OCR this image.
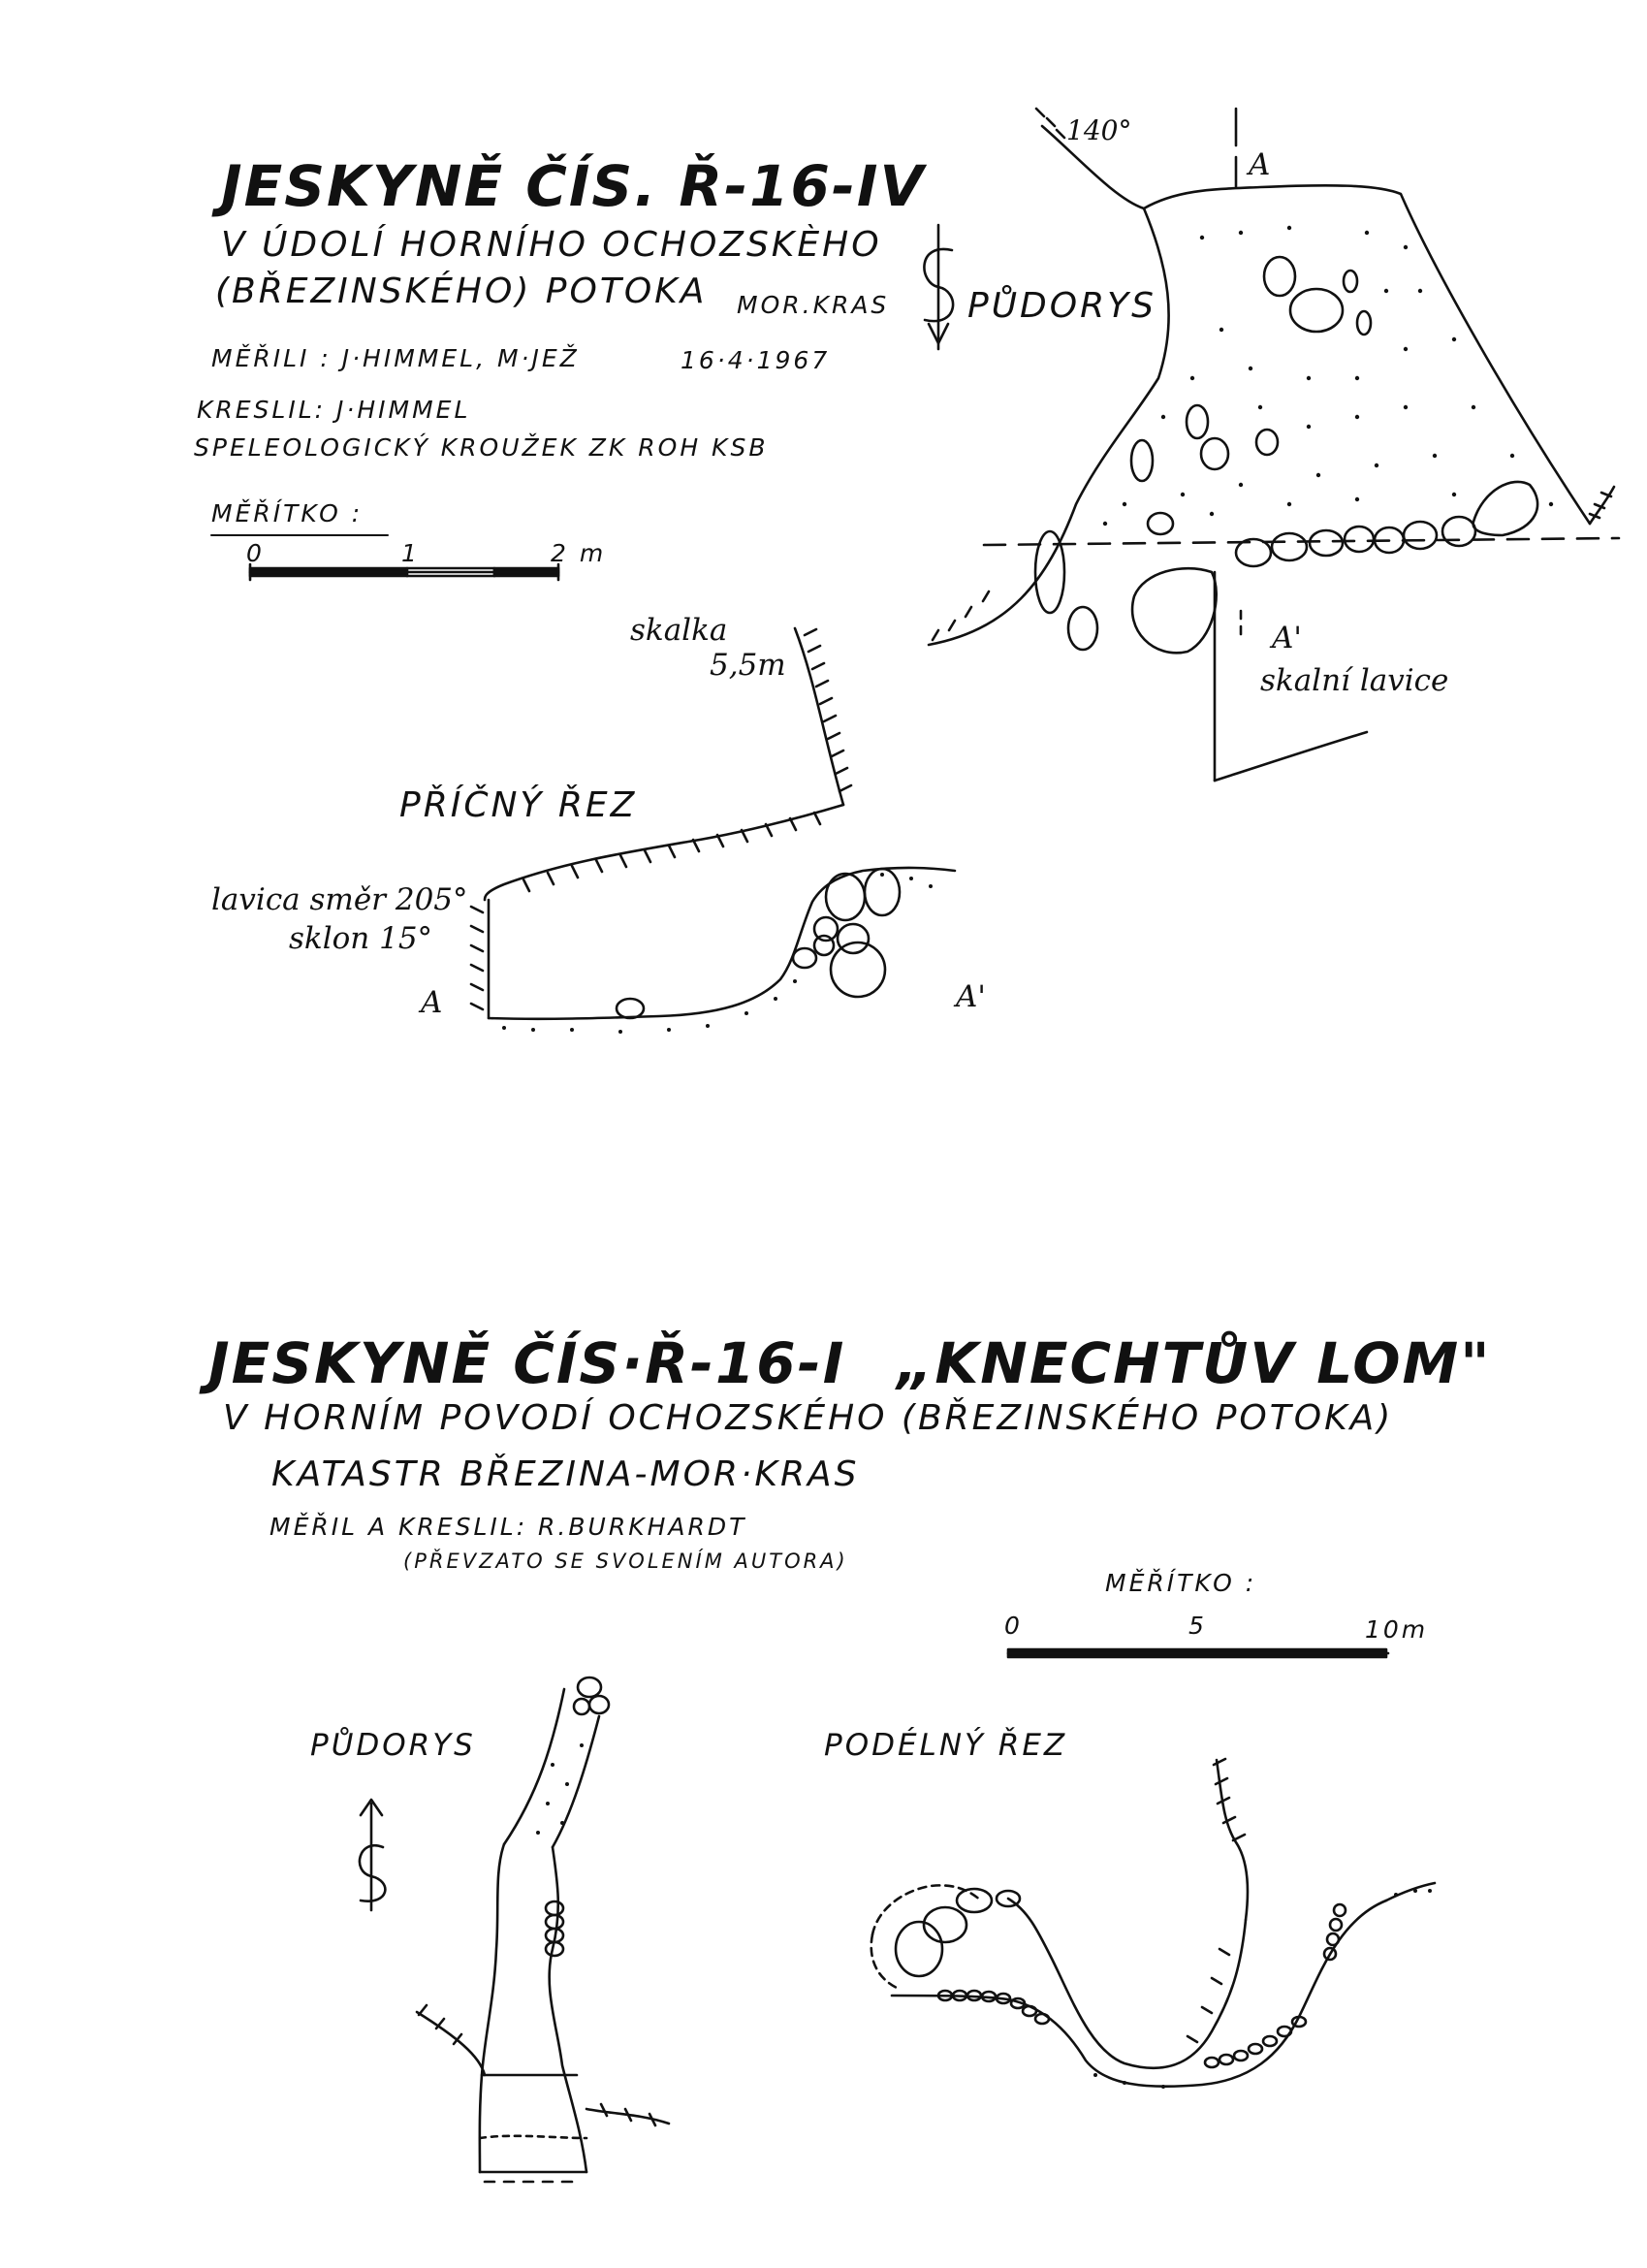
JESKYNĚ ČÍS. Ř-16-IV
V ÚDOLÍ HORNÍHO OCHOZSKÈHO
(BŘEZINSKÉHO) POTOKA MOR.KRAS
MĚŘILI : J·HIMMEL, M·JEŽ	16·4·1967
KRESLIL: J·HIMMEL
SPELEOLOGICKÝ KROUŽEK ZK ROH KSB
MĚŘÍTKO :
0	1	2 m
PŮDORYS
140°
A
A'
skalní lavice
PŘÍČNÝ ŘEZ
skalka
5,5m
lavica směr 205°
sklon 15°
A	A'
JESKYNĚ ČÍS·Ř-16-I „KNECHTŮV LOM"
V HORNÍM POVODÍ OCHOZSKÉHO (BŘEZINSKÉHO POTOKA)
KATASTR BŘEZINA-MOR·KRAS
MĚŘIL A KRESLIL: R.BURKHARDT
(PŘEVZATO SE SVOLENÍM AUTORA)
MĚŘÍTKO :
0	5	10m
PŮDORYS	PODÉLNÝ ŘEZ
